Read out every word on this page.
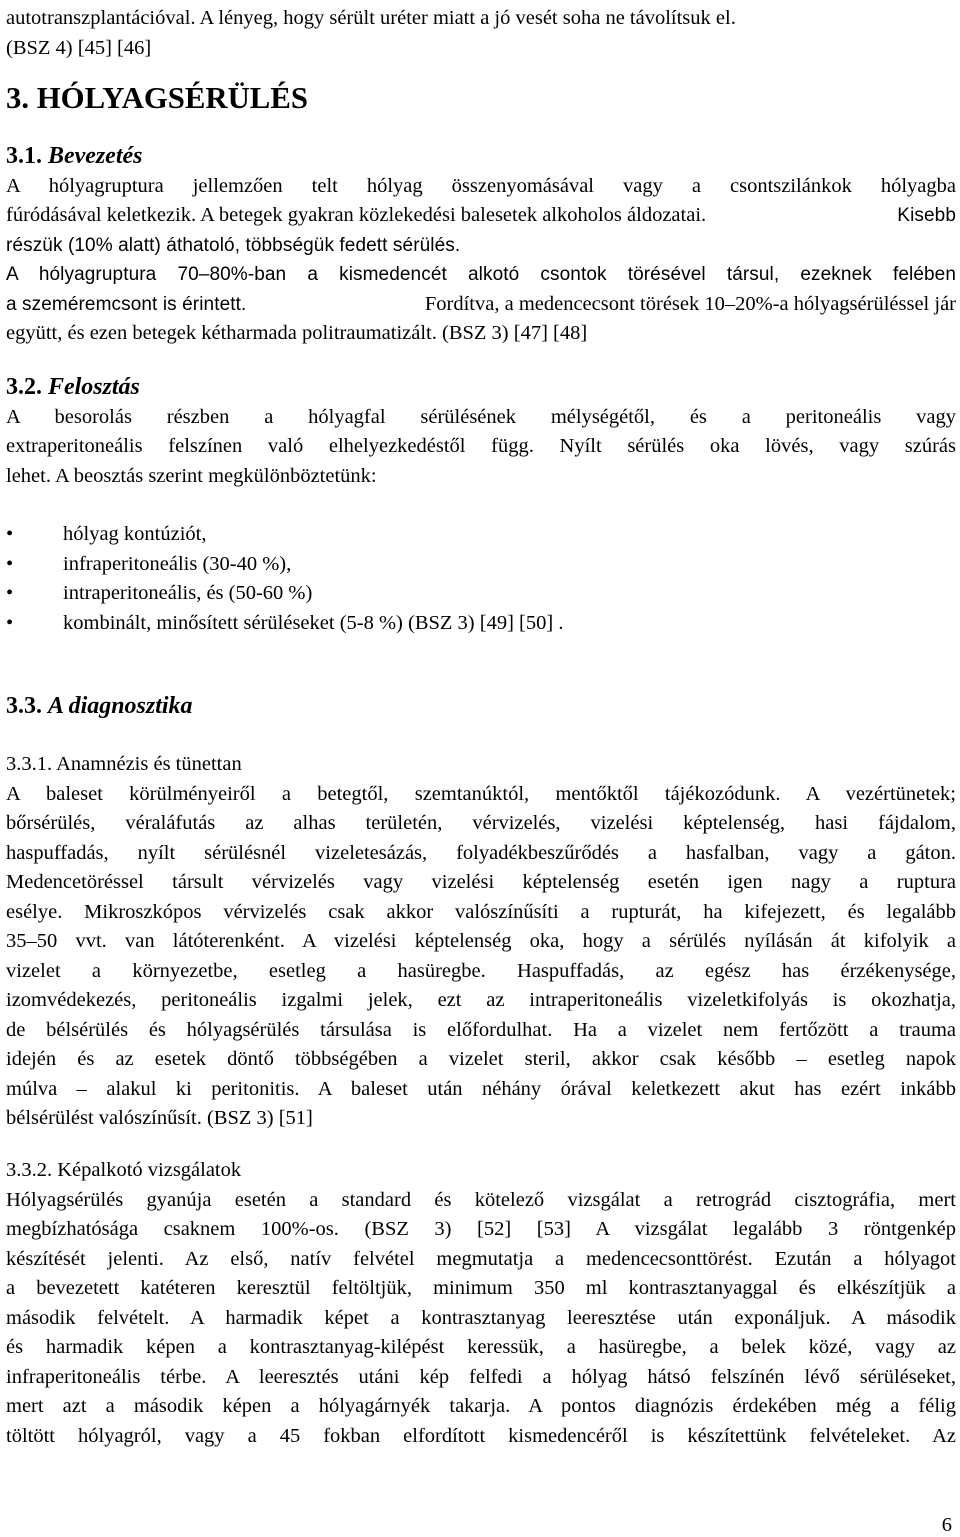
autotranszplantációval. A lényeg, hogy sérült uréter miatt a jó vesét soha ne távolítsuk el.

(BSZ 4) [45] [46]

3. HÓLYAGSÉRÜLÉS
3.1. Bevezetés

A hólyagruptura jellemzően telt hólyag összenyomásával vagy a csontszilánkok hólyagba

fúródásával keletkezik. A betegek gyakran közlekedési balesetek alkoholos áldozatai.	Kisebb

részük (10% alatt) áthatoló, többségük fedett sérülés.

A hólyagruptura 70–80%-ban a kismedencét alkotó csontok törésével társul, ezeknek felében

a szeméremcsont is érintett.	Fordítva, a medencecsont törések 10–20%-a hólyagsérüléssel jár

együtt, és ezen betegek kétharmada politraumatizált. (BSZ 3) [47] [48]

3.2. Felosztás

A besorolás részben a hólyagfal sérülésének mélységétől, és a peritoneális vagy

extraperitoneális felszínen való elhelyezkedéstől függ. Nyílt sérülés oka lövés, vagy szúrás

lehet. A beosztás szerint megkülönböztetünk:

• hólyag kontúziót,
• infraperitoneális (30-40 %),
• intraperitoneális, és (50-60 %)
• kombinált, minősített sérüléseket (5-8 %) (BSZ 3) [49] [50] .
3.3. A diagnosztika
3.3.1. Anamnézis és tünettan

A baleset körülményeiről a betegtől, szemtanúktól, mentőktől tájékozódunk. A vezértünetek;

bőrsérülés, véraláfutás az alhas területén, vérvizelés, vizelési képtelenség, hasi fájdalom,

haspuffadás, nyílt sérülésnél vizeletesázás, folyadékbeszűrődés a hasfalban, vagy a gáton.

Medencetöréssel társult vérvizelés vagy vizelési képtelenség esetén igen nagy a ruptura

esélye. Mikroszkópos vérvizelés csak akkor valószínűsíti a rupturát, ha kifejezett, és legalább

35–50 vvt. van látóterenként. A vizelési képtelenség oka, hogy a sérülés nyílásán át kifolyik a

vizelet a környezetbe, esetleg a hasüregbe. Haspuffadás, az egész has érzékenysége,

izomvédekezés, peritoneális izgalmi jelek, ezt az intraperitoneális vizeletkifolyás is okozhatja,

de bélsérülés és hólyagsérülés társulása is előfordulhat. Ha a vizelet nem fertőzött a trauma

idején és az esetek döntő többségében a vizelet steril, akkor csak később – esetleg napok

múlva – alakul ki peritonitis. A baleset után néhány órával keletkezett akut has ezért inkább

bélsérülést valószínűsít. (BSZ 3) [51]

3.3.2. Képalkotó vizsgálatok

Hólyagsérülés gyanúja esetén a standard és kötelező vizsgálat a retrográd cisztográfia, mert

megbízhatósága csaknem 100%-os. (BSZ 3) [52] [53] A vizsgálat legalább 3 röntgenkép

készítését jelenti. Az első, natív felvétel megmutatja a medencecsonttörést. Ezután a hólyagot

a bevezetett katéteren keresztül feltöltjük, minimum 350 ml kontrasztanyaggal és elkészítjük a

második felvételt. A harmadik képet a kontrasztanyag leeresztése után exponáljuk. A második

és harmadik képen a kontrasztanyag-kilépést keressük, a hasüregbe, a belek közé, vagy az

infraperitoneális térbe. A leeresztés utáni kép felfedi a hólyag hátsó felszínén lévő sérüléseket,

mert azt a második képen a hólyagárnyék takarja. A pontos diagnózis érdekében még a félig

töltött hólyagról, vagy a 45 fokban elfordított kismedencéről is készítettünk felvételeket. Az

6
